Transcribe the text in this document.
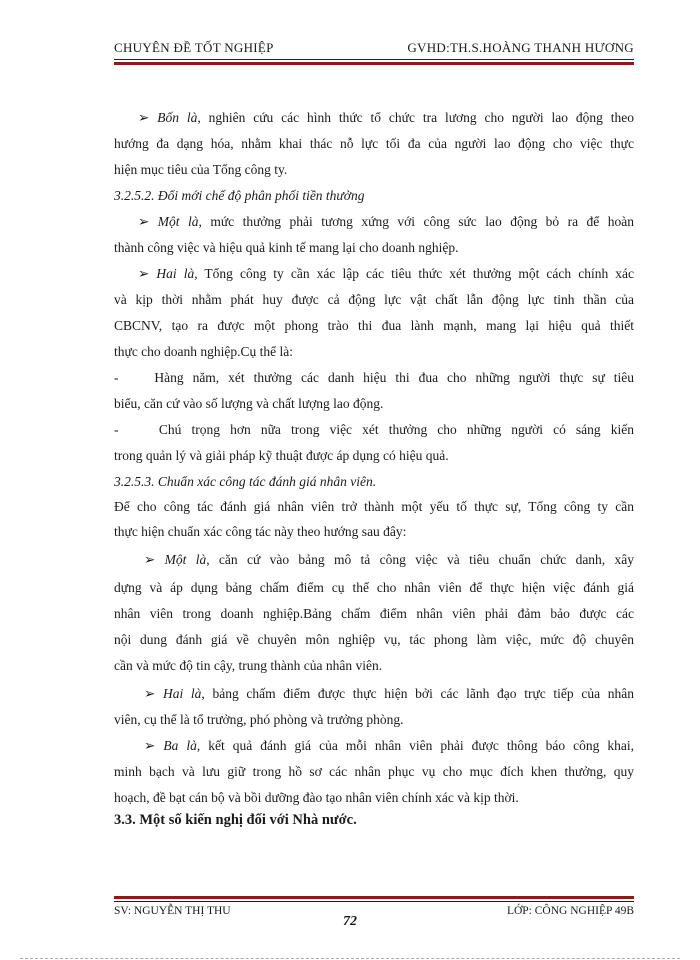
CHUYÊN ĐỀ TỐT NGHIỆP	GVHD:TH.S.HOÀNG THANH HƯƠNG
➢ Bốn là, nghiên cứu các hình thức tổ chức tra lương cho người lao động theo
hướng đa dạng hóa, nhằm khai thác nỗ lực tối đa của người lao động cho việc thực
hiện mục tiêu của Tổng công ty.
3.2.5.2. Đổi mới chế độ phân phối tiền thưởng
➢ Một là, mức thưởng phải tương xứng với công sức lao động bỏ ra để hoàn
thành công việc và hiệu quả kinh tế mang lại cho doanh nghiệp.
➢ Hai là, Tổng công ty cần xác lập các tiêu thức xét thưởng một cách chính xác
và kịp thời nhằm phát huy được cả động lực vật chất lẫn động lực tinh thần của
CBCNV, tạo ra được một phong trào thi đua lành mạnh, mang lại hiệu quả thiết
thực cho doanh nghiệp.Cụ thể là:
-	Hàng năm, xét thưởng các danh hiệu thi đua cho những người thực sự tiêu
biểu, căn cứ vào số lượng và chất lượng lao động.
-	Chú trọng hơn nữa trong việc xét thưởng cho những người có sáng kiến
trong quản lý và giải pháp kỹ thuật được áp dụng có hiệu quả.
3.2.5.3. Chuẩn xác công tác đánh giá nhân viên.
Để cho công tác đánh giá nhân viên trở thành một yếu tố thực sự, Tổng công ty cần
thực hiện chuẩn xác công tác này theo hướng sau đây:
➢ Một là, căn cứ vào bảng mô tả công việc và tiêu chuẩn chức danh, xây
dựng và áp dụng bảng chấm điểm cụ thể cho nhân viên để thực hiện việc đánh giá
nhân viên trong doanh nghiệp.Bảng chấm điểm nhân viên phải đảm bảo được các
nội dung đánh giá về chuyên môn nghiệp vụ, tác phong làm việc, mức độ chuyên
cần và mức độ tin cậy, trung thành của nhân viên.
➢ Hai là, bảng chấm điểm được thực hiện bởi các lãnh đạo trực tiếp của nhân
viên, cụ thể là tổ trưởng, phó phòng và trưởng phòng.
➢ Ba là, kết quả đánh giá của mỗi nhân viên phải được thông báo công khai,
minh bạch và lưu giữ trong hồ sơ các nhân phục vụ cho mục đích khen thưởng, quy
hoạch, đề bạt cán bộ và bồi dưỡng đào tạo nhân viên chính xác và kịp thời.
3.3. Một số kiến nghị đối với Nhà nước.
SV: NGUYỄN THỊ THU	LỚP: CÔNG NGHIỆP 49B
72
